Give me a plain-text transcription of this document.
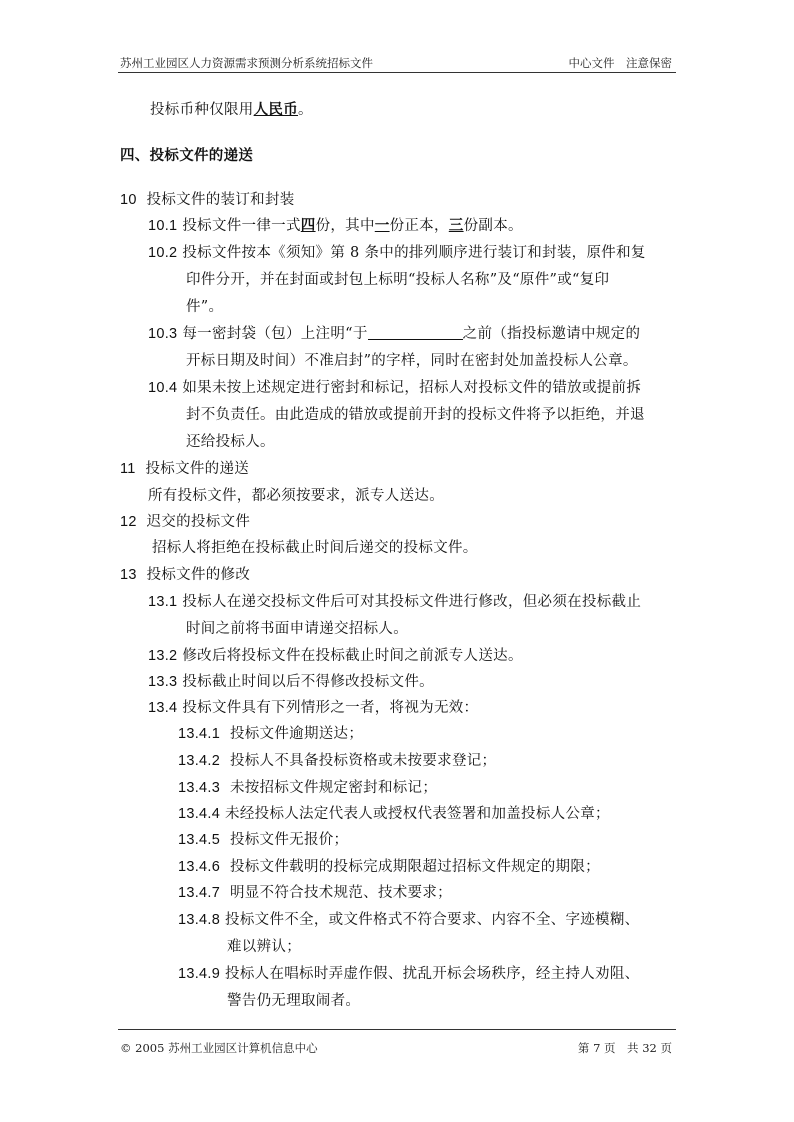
苏州工业园区人力资源需求预测分析系统招标文件	中心文件　注意保密
投标币种仅限用人民币。
四、投标文件的递送
10 投标文件的装订和封装
10.1 投标文件一律一式四份，其中一份正本，三份副本。
10.2 投标文件按本《须知》第 8 条中的排列顺序进行装订和封装，原件和复
印件分开，并在封面或封包上标明“投标人名称”及“原件”或“复印
件”。
10.3 每一密封袋（包）上注明“于	之前（指投标邀请中规定的
开标日期及时间）不准启封”的字样，同时在密封处加盖投标人公章。
10.4 如果未按上述规定进行密封和标记，招标人对投标文件的错放或提前拆
封不负责任。由此造成的错放或提前开封的投标文件将予以拒绝，并退
还给投标人。
11 投标文件的递送
所有投标文件，都必须按要求，派专人送达。
12 迟交的投标文件
招标人将拒绝在投标截止时间后递交的投标文件。
13 投标文件的修改
13.1 投标人在递交投标文件后可对其投标文件进行修改，但必须在投标截止
时间之前将书面申请递交招标人。
13.2 修改后将投标文件在投标截止时间之前派专人送达。
13.3 投标截止时间以后不得修改投标文件。
13.4 投标文件具有下列情形之一者，将视为无效：
13.4.1 投标文件逾期送达；
13.4.2 投标人不具备投标资格或未按要求登记；
13.4.3 未按招标文件规定密封和标记；
13.4.4 未经投标人法定代表人或授权代表签署和加盖投标人公章；
13.4.5 投标文件无报价；
13.4.6 投标文件载明的投标完成期限超过招标文件规定的期限；
13.4.7 明显不符合技术规范、技术要求；
13.4.8 投标文件不全，或文件格式不符合要求、内容不全、字迹模糊、
难以辨认；
13.4.9 投标人在唱标时弄虚作假、扰乱开标会场秩序，经主持人劝阻、
警告仍无理取闹者。
© 2005 苏州工业园区计算机信息中心	第 7 页　共 32 页
